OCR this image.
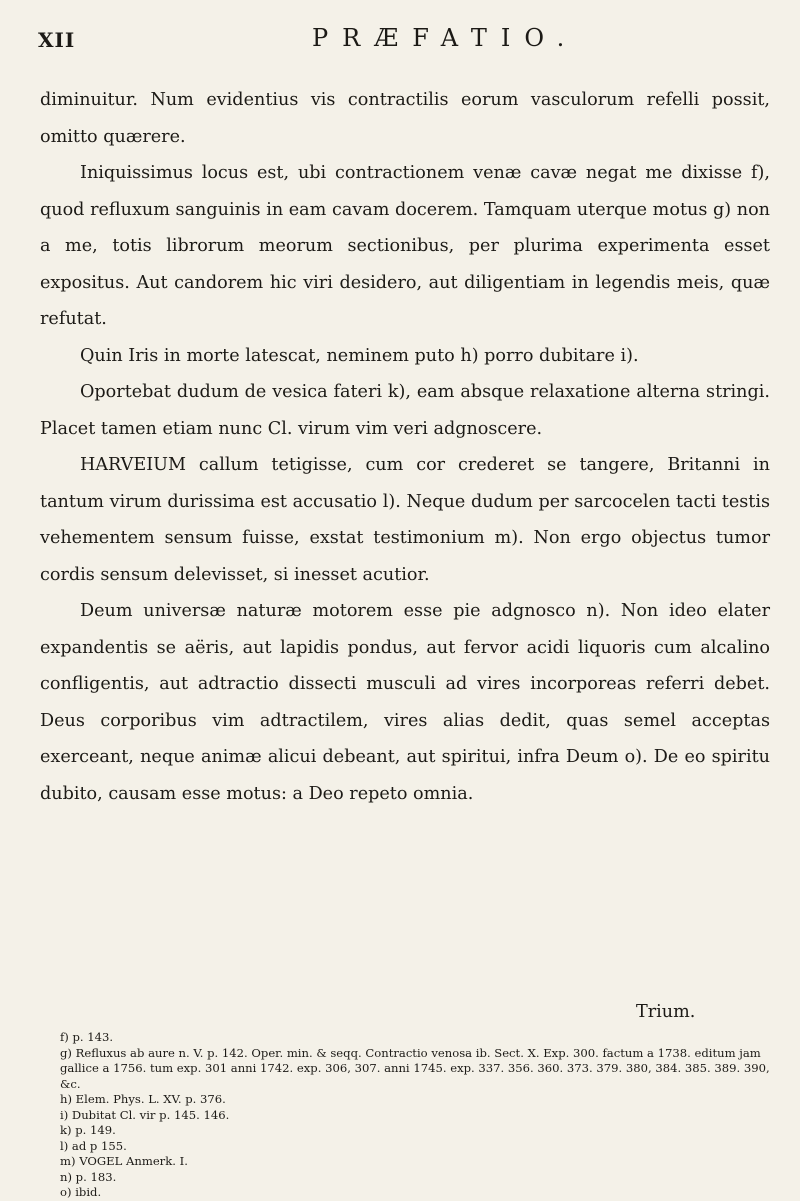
XII	PRÆFATIO.

diminuitur. Num evidentius vis contractilis eorum vasculorum refelli possit, omitto quærere.

Iniquissimus locus est, ubi contractionem venæ cavæ negat me dixisse f), quod refluxum sanguinis in eam cavam docerem. Tamquam uterque motus g) non a me, totis librorum meorum sectionibus, per plurima experimenta esset expositus. Aut candorem hic viri desidero, aut diligentiam in legendis meis, quæ refutat.

Quin Iris in morte latescat, neminem puto h) porro dubitare i).

Oportebat dudum de vesica fateri k), eam absque relaxatione alterna stringi. Placet tamen etiam nunc Cl. virum vim veri adgnoscere.

HARVEIUM callum tetigisse, cum cor crederet se tangere, Britanni in tantum virum durissima est accusatio l). Neque dudum per sarcocelen tacti testis vehementem sensum fuisse, exstat testimonium m). Non ergo objectus tumor cordis sensum delevisset, si inesset acutior.

Deum universæ naturæ motorem esse pie adgnosco n). Non ideo elater expandentis se aëris, aut lapidis pondus, aut fervor acidi liquoris cum alcalino confligentis, aut adtractio dissecti musculi ad vires incorporeas referri debet. Deus corporibus vim adtractilem, vires alias dedit, quas semel acceptas exerceant, neque animæ alicui debeant, aut spiritui, infra Deum o). De eo spiritu dubito, causam esse motus: a Deo repeto omnia.

Trium.
f) p. 143.
g) Refluxus ab aure n. V. p. 142. Oper. min. & seqq. Contractio venosa ib. Sect. X. Exp. 300. factum a 1738. editum jam gallice a 1756. tum exp. 301 anni 1742. exp. 306, 307. anni 1745. exp. 337. 356. 360. 373. 379. 380, 384. 385. 389. 390, &c.
h) Elem. Phys. L. XV. p. 376.
i) Dubitat Cl. vir p. 145. 146.
k) p. 149.
l) ad p 155.
m) VOGEL Anmerk. I.
n) p. 183.
o) ibid.
